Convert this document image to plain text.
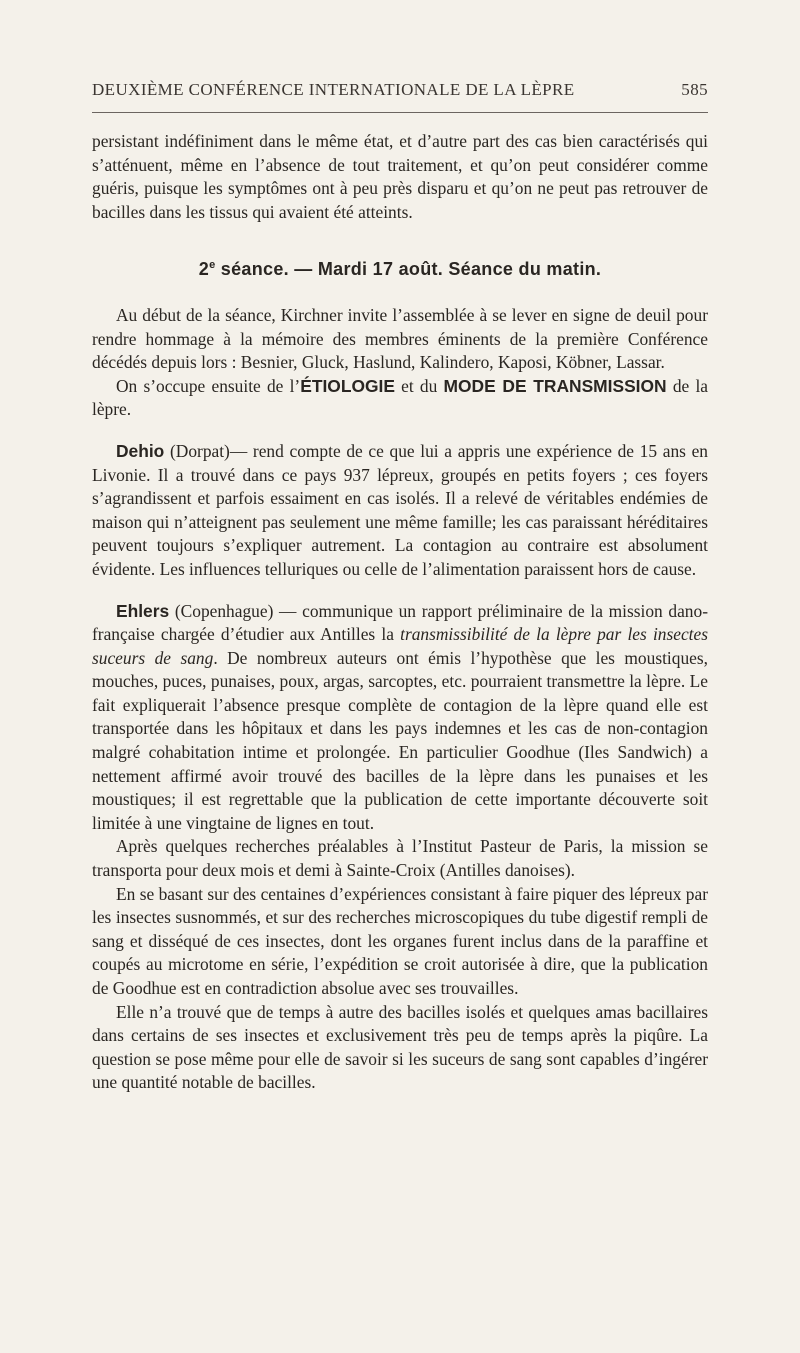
DEUXIÈME CONFÉRENCE INTERNATIONALE DE LA LÈPRE	585

persistant indéfiniment dans le même état, et d’autre part des cas bien caractérisés qui s’atténuent, même en l’absence de tout traitement, et qu’on peut considérer comme guéris, puisque les symptômes ont à peu près disparu et qu’on ne peut pas retrouver de bacilles dans les tissus qui avaient été atteints.

2e séance. — Mardi 17 août. Séance du matin.

Au début de la séance, Kirchner invite l’assemblée à se lever en signe de deuil pour rendre hommage à la mémoire des membres éminents de la première Conférence décédés depuis lors : Besnier, Gluck, Haslund, Kalindero, Kaposi, Köbner, Lassar.

On s’occupe ensuite de l’ÉTIOLOGIE et du MODE DE TRANSMISSION de la lèpre.

Dehio (Dorpat)— rend compte de ce que lui a appris une expérience de 15 ans en Livonie. Il a trouvé dans ce pays 937 lépreux, groupés en petits foyers ; ces foyers s’agrandissent et parfois essaiment en cas isolés. Il a relevé de véritables endémies de maison qui n’atteignent pas seulement une même famille; les cas paraissant héréditaires peuvent toujours s’expliquer autrement. La contagion au contraire est absolument évidente. Les influences telluriques ou celle de l’alimentation paraissent hors de cause.

Ehlers (Copenhague) — communique un rapport préliminaire de la mission dano-française chargée d’étudier aux Antilles la transmissibilité de la lèpre par les insectes suceurs de sang. De nombreux auteurs ont émis l’hypothèse que les moustiques, mouches, puces, punaises, poux, argas, sarcoptes, etc. pourraient transmettre la lèpre. Le fait expliquerait l’absence presque complète de contagion de la lèpre quand elle est transportée dans les hôpitaux et dans les pays indemnes et les cas de non-contagion malgré cohabitation intime et prolongée. En particulier Goodhue (Iles Sandwich) a nettement affirmé avoir trouvé des bacilles de la lèpre dans les punaises et les moustiques; il est regrettable que la publication de cette importante découverte soit limitée à une vingtaine de lignes en tout.

Après quelques recherches préalables à l’Institut Pasteur de Paris, la mission se transporta pour deux mois et demi à Sainte-Croix (Antilles danoises).

En se basant sur des centaines d’expériences consistant à faire piquer des lépreux par les insectes susnommés, et sur des recherches microscopiques du tube digestif rempli de sang et disséqué de ces insectes, dont les organes furent inclus dans de la paraffine et coupés au microtome en série, l’expédition se croit autorisée à dire, que la publication de Goodhue est en contradiction absolue avec ses trouvailles.

Elle n’a trouvé que de temps à autre des bacilles isolés et quelques amas bacillaires dans certains de ses insectes et exclusivement très peu de temps après la piqûre. La question se pose même pour elle de savoir si les suceurs de sang sont capables d’ingérer une quantité notable de bacilles.
